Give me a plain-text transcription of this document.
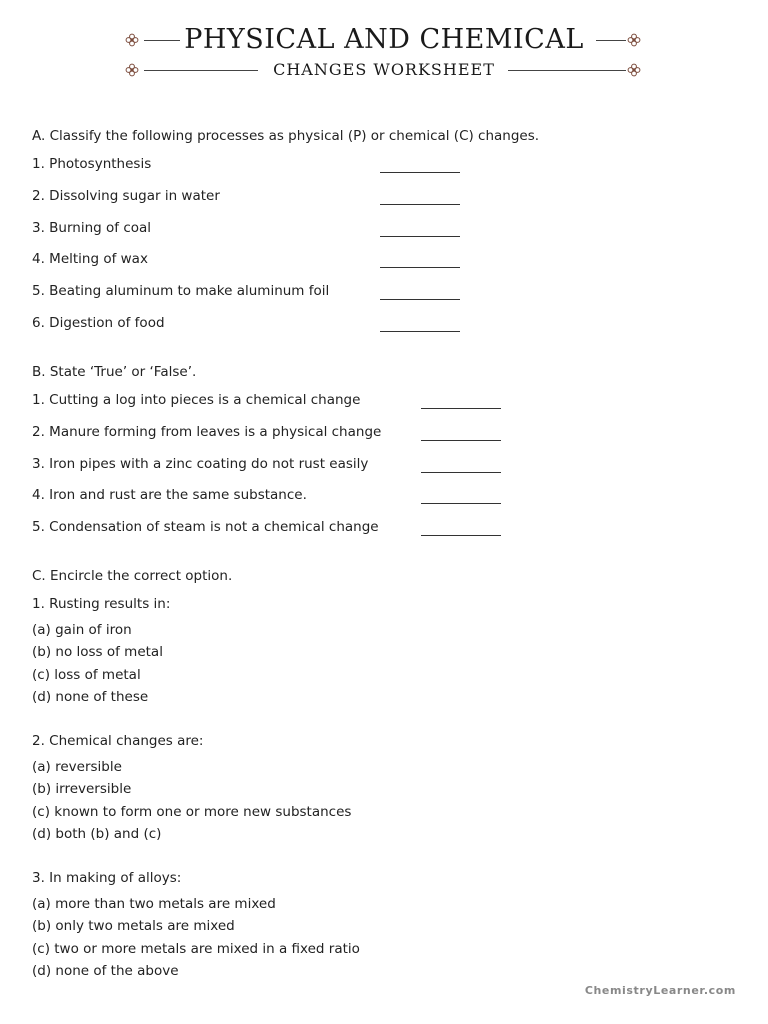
PHYSICAL AND CHEMICAL
CHANGES WORKSHEET
A. Classify the following processes as physical (P) or chemical (C) changes.
1. Photosynthesis
2. Dissolving sugar in water
3. Burning of coal
4. Melting of wax
5. Beating aluminum to make aluminum foil
6. Digestion of food
B. State ‘True’ or ‘False’.
1. Cutting a log into pieces is a chemical change
2. Manure forming from leaves is a physical change
3. Iron pipes with a zinc coating do not rust easily
4. Iron and rust are the same substance.
5. Condensation of steam is not a chemical change
C. Encircle the correct option.
1. Rusting results in:
(a) gain of iron
(b) no loss of metal
(c) loss of metal
(d) none of these
2. Chemical changes are:
(a) reversible
(b) irreversible
(c) known to form one or more new substances
(d) both (b) and (c)
3. In making of alloys:
(a) more than two metals are mixed
(b) only two metals are mixed
(c) two or more metals are mixed in a fixed ratio
(d) none of the above
ChemistryLearner.com
